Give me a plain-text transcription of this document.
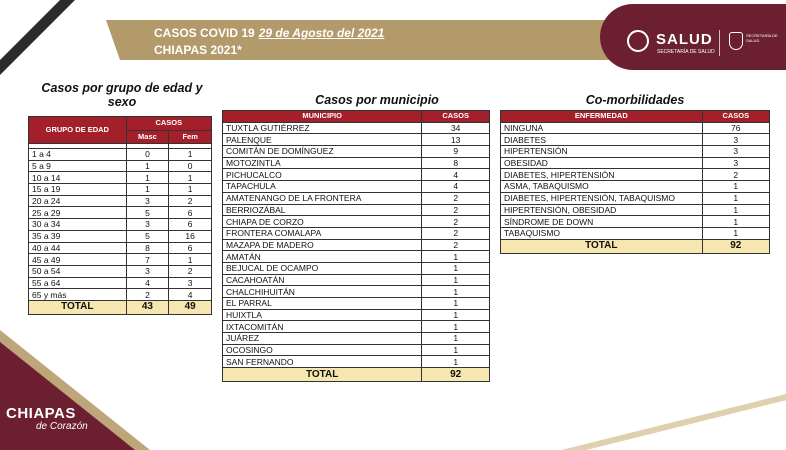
CASOS COVID 19 29 de Agosto del 2021
CHIAPAS 2021*
SALUD
SECRETARÍA DE SALUD
SECRETARÍA DE SALUD
Casos por grupo de edad y sexo	Casos por municipio	Co-morbilidades
GRUPO DE EDAD	CASOS	
	Masc	Fem

1 a 4	0	1
5 a 9	1	0
10 a 14	1	1
15 a 19	1	1
20 a 24	3	2
25 a 29	5	6
30 a 34	3	6
35 a 39	5	16
40 a 44	8	6
45 a 49	7	1
50 a 54	3	2
55 a 64	4	3
65 y más	2	4
TOTAL	43	49
MUNICIPIO	CASOS
TUXTLA GUTIÉRREZ	34
PALENQUE	13
COMITÁN DE DOMÍNGUEZ	9
MOTOZINTLA	8
PICHUCALCO	4
TAPACHULA	4
AMATENANGO DE LA FRONTERA	2
BERRIOZÁBAL	2
CHIAPA DE CORZO	2
FRONTERA COMALAPA	2
MAZAPA DE MADERO	2
AMATÁN	1
BEJUCAL DE OCAMPO	1
CACAHOATÁN	1
CHALCHIHUITÁN	1
EL PARRAL	1
HUIXTLA	1
IXTACOMITÁN	1
JUÁREZ	1
OCOSINGO	1
SAN FERNANDO	1
TOTAL	92
ENFERMEDAD	CASOS
NINGUNA	76
DIABETES	3
HIPERTENSIÓN	3
OBESIDAD	3
DIABETES, HIPERTENSIÓN	2
ASMA, TABAQUISMO	1
DIABETES, HIPERTENSIÓN, TABAQUISMO	1
HIPERTENSIÓN, OBESIDAD	1
SÍNDROME DE DOWN	1
TABAQUISMO	1
TOTAL	92
CHIAPAS
de Corazón
